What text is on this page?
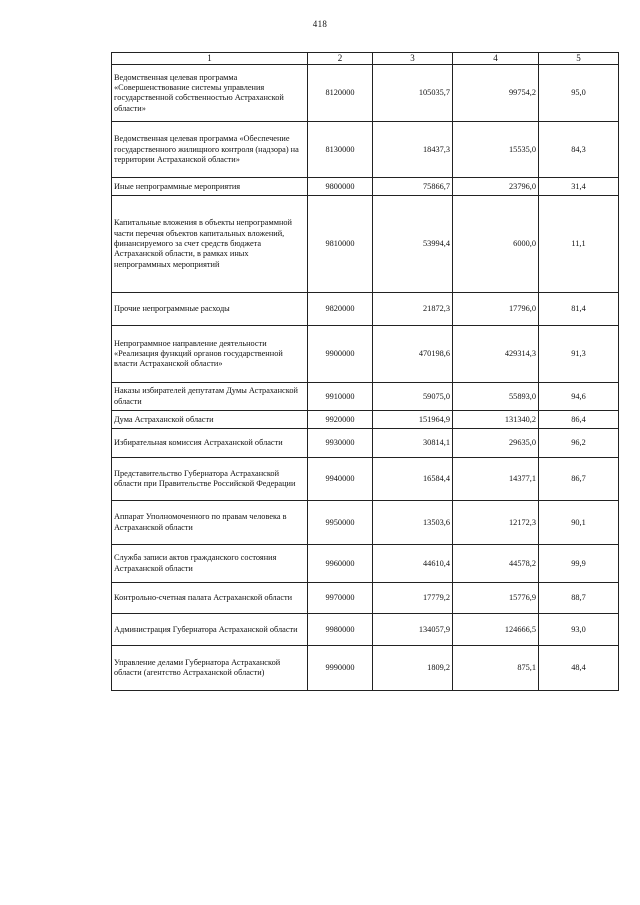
418
1	2	3	4	5
Ведомственная целевая программа «Совершенствование системы управления государственной собственностью Астраханской области»	8120000	105035,7	99754,2	95,0
Ведомственная целевая программа «Обеспечение государственного жилищного контроля (надзора) на территории Астраханской области»	8130000	18437,3	15535,0	84,3
Иные непрограммные мероприятия	9800000	75866,7	23796,0	31,4
Капитальные вложения в объекты непрограммной части перечня объектов капитальных вложений, финансируемого за счет средств бюджета Астраханской области, в рамках иных непрограммных мероприятий	9810000	53994,4	6000,0	11,1
Прочие непрограммные расходы	9820000	21872,3	17796,0	81,4
Непрограммное направление деятельности «Реализация функций органов государственной власти Астраханской области»	9900000	470198,6	429314,3	91,3
Наказы избирателей депутатам Думы Астраханской области	9910000	59075,0	55893,0	94,6
Дума Астраханской области	9920000	151964,9	131340,2	86,4
Избирательная комиссия Астраханской области	9930000	30814,1	29635,0	96,2
Представительство Губернатора Астраханской области при Правительстве Российской Федерации	9940000	16584,4	14377,1	86,7
Аппарат Уполномоченного по правам человека в Астраханской области	9950000	13503,6	12172,3	90,1
Служба записи актов гражданского состояния Астраханской области	9960000	44610,4	44578,2	99,9
Контрольно-счетная палата Астраханской области	9970000	17779,2	15776,9	88,7
Администрация Губернатора Астраханской области	9980000	134057,9	124666,5	93,0
Управление делами Губернатора Астраханской области (агентство Астраханской области)	9990000	1809,2	875,1	48,4
